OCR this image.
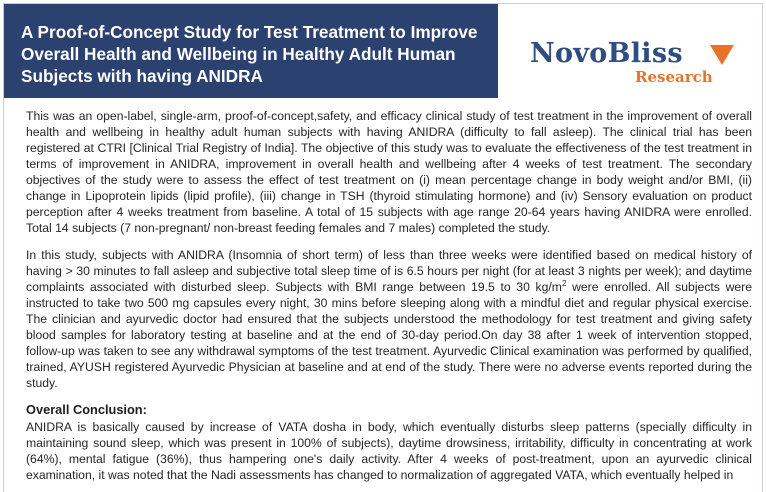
A Proof-of-Concept Study for Test Treatment to Improve Overall Health and Wellbeing in Healthy Adult Human Subjects with having ANIDRA
NovoBliss
Research

This was an open-label, single-arm, proof-of-concept,safety, and efficacy clinical study of test treatment in the improvement of overall health and wellbeing in healthy adult human subjects with having ANIDRA (difficulty to fall asleep). The clinical trial has been registered at CTRI [Clinical Trial Registry of India]. The objective of this study was to evaluate the effectiveness of the test treatment in terms of improvement in ANIDRA, improvement in overall health and wellbeing after 4 weeks of test treatment. The secondary objectives of the study were to assess the effect of test treatment on (i) mean percentage change in body weight and/or BMI, (ii) change in Lipoprotein lipids (lipid profile), (iii) change in TSH (thyroid stimulating hormone) and (iv) Sensory evaluation on product perception after 4 weeks treatment from baseline. A total of 15 subjects with age range 20-64 years having ANIDRA were enrolled. Total 14 subjects (7 non-pregnant/ non-breast feeding females and 7 males) completed the study.

In this study, subjects with ANIDRA (Insomnia of short term) of less than three weeks were identified based on medical history of having > 30 minutes to fall asleep and subjective total sleep time of is 6.5 hours per night (for at least 3 nights per week); and daytime complaints associated with disturbed sleep. Subjects with BMI range between 19.5 to 30 $kg/m^2$ were enrolled. All subjects were instructed to take two 500 mg capsules every night, 30 mins before sleeping along with a mindful diet and regular physical exercise. The clinician and ayurvedic doctor had ensured that the subjects understood the methodology for test treatment and giving safety blood samples for laboratory testing at baseline and at the end of 30-day period.On day 38 after 1 week of intervention stopped, follow-up was taken to see any withdrawal symptoms of the test treatment. Ayurvedic Clinical examination was performed by qualified, trained, AYUSH registered Ayurvedic Physician at baseline and at end of the study. There were no adverse events reported during the study.

Overall Conclusion:

ANIDRA is basically caused by increase of VATA dosha in body, which eventually disturbs sleep patterns (specially difficulty in maintaining sound sleep, which was present in 100% of subjects), daytime drowsiness, irritability, difficulty in concentrating at work (64%), mental fatigue (36%), thus hampering one's daily activity. After 4 weeks of post-treatment, upon an ayurvedic clinical examination, it was noted that the Nadi assessments has changed to normalization of aggregated VATA, which eventually helped in
